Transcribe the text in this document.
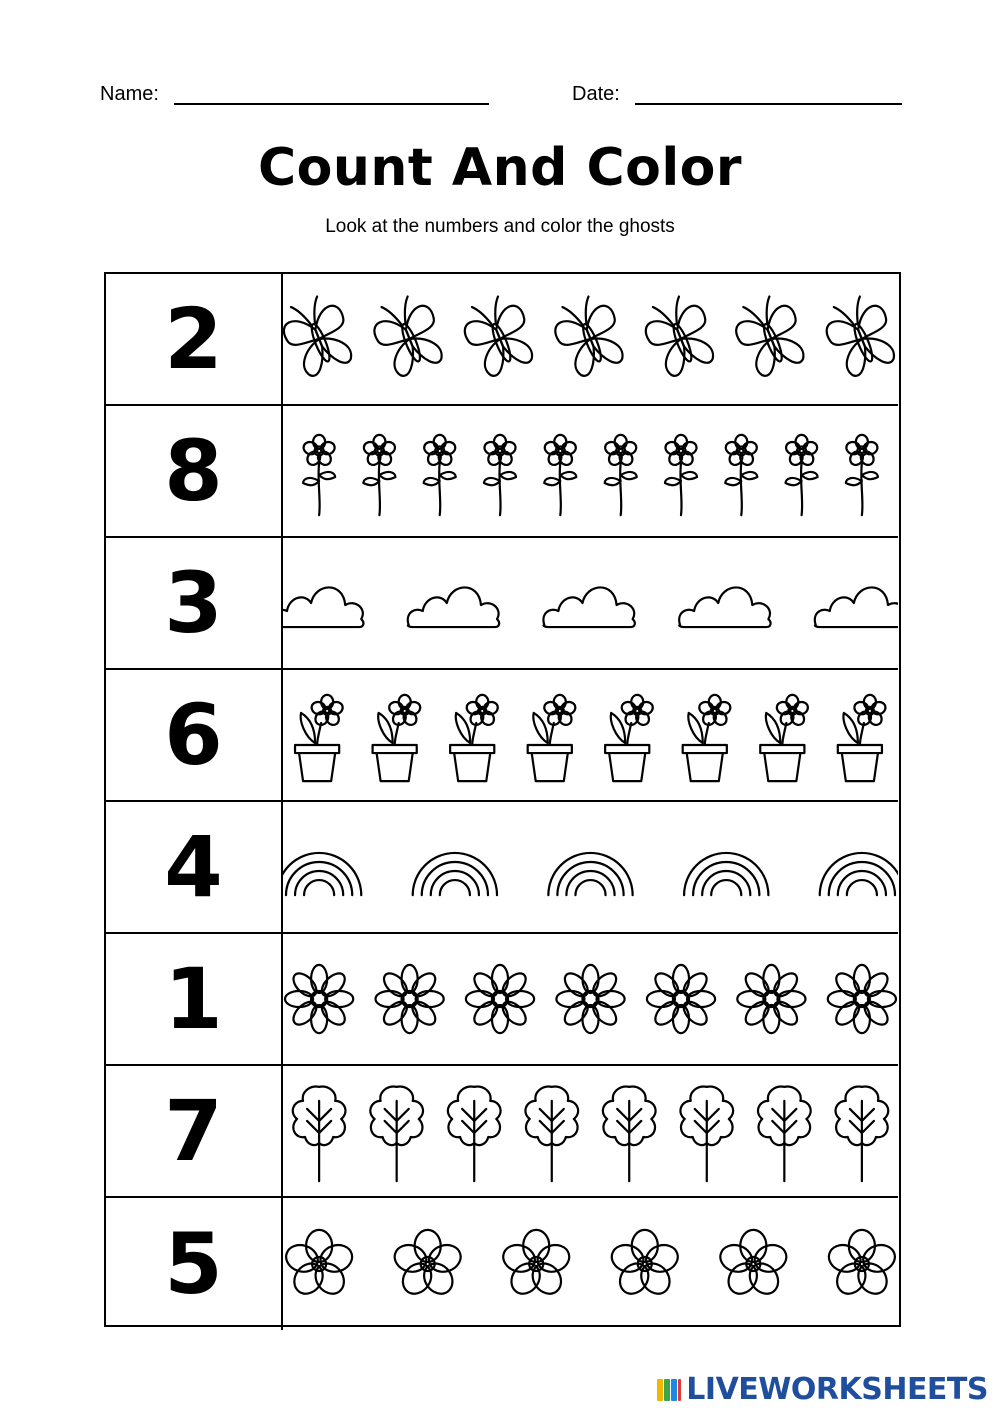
Name:	Date:
Count And Color
Look at the numbers and color the ghosts
2
8
3
6
4
1
7
5
LIVEWORKSHEETS
